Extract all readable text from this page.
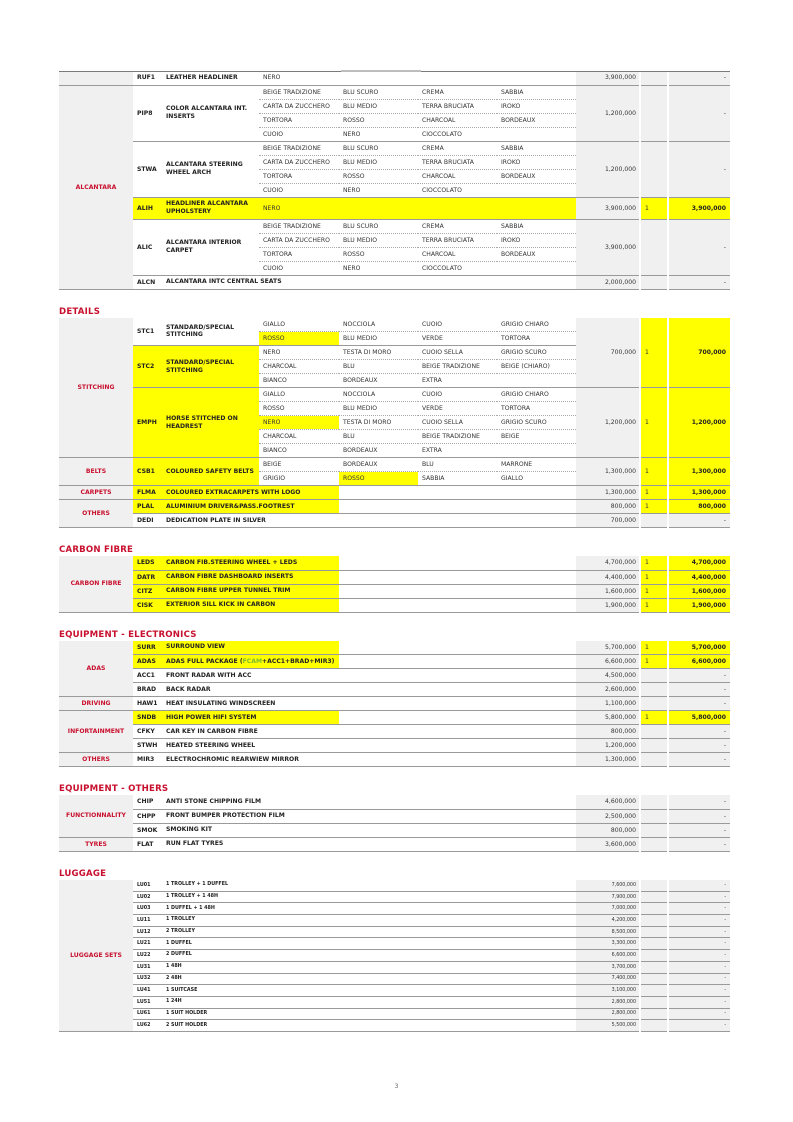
	RUF1	LEATHER HEADLINER	NERO				3,900,000		-
ALCANTARA	PIP8	COLOR ALCANTARA INT. INSERTS	BEIGE TRADIZIONE	BLU SCURO	CREMA	SABBIA	1,200,000		-
			CARTA DA ZUCCHERO	BLU MEDIO	TERRA BRUCIATA	IROKO			
			TORTORA	ROSSO	CHARCOAL	BORDEAUX			
			CUOIO	NERO	CIOCCOLATO				
	STWA	ALCANTARA STEERING WHEEL ARCH	BEIGE TRADIZIONE	BLU SCURO	CREMA	SABBIA	1,200,000		-
			CARTA DA ZUCCHERO	BLU MEDIO	TERRA BRUCIATA	IROKO			
			TORTORA	ROSSO	CHARCOAL	BORDEAUX			
			CUOIO	NERO	CIOCCOLATO				
	ALIH	HEADLINER ALCANTARA UPHOLSTERY	NERO				3,900,000	1	3,900,000
	ALIC	ALCANTARA INTERIOR CARPET	BEIGE TRADIZIONE	BLU SCURO	CREMA	SABBIA	3,900,000		-
			CARTA DA ZUCCHERO	BLU MEDIO	TERRA BRUCIATA	IROKO			
			TORTORA	ROSSO	CHARCOAL	BORDEAUX			
			CUOIO	NERO	CIOCCOLATO				
	ALCN	ALCANTARA INTC CENTRAL SEATS					2,000,000		-
DETAILS
STITCHING	STC1	STANDARD/SPECIAL STITCHING	GIALLO	NOCCIOLA	CUOIO	GRIGIO CHIARO	700,000	1	700,000
			ROSSO	BLU MEDIO	VERDE	TORTORA			
	STC2	STANDARD/SPECIAL STITCHING	NERO	TESTA DI MORO	CUOIO SELLA	GRIGIO SCURO			
			CHARCOAL	BLU	BEIGE TRADIZIONE	BEIGE (CHIARO)			
			BIANCO	BORDEAUX	EXTRA				
	EMPH	HORSE STITCHED ON HEADREST	GIALLO	NOCCIOLA	CUOIO	GRIGIO CHIARO	1,200,000	1	1,200,000
			ROSSO	BLU MEDIO	VERDE	TORTORA			
			NERO	TESTA DI MORO	CUOIO SELLA	GRIGIO SCURO			
			CHARCOAL	BLU	BEIGE TRADIZIONE	BEIGE			
			BIANCO	BORDEAUX	EXTRA				
BELTS	CSB1	COLOURED SAFETY BELTS	BEIGE	BORDEAUX	BLU	MARRONE	1,300,000	1	1,300,000
			GRIGIO	ROSSO	SABBIA	GIALLO			
CARPETS	FLMA	COLOURED EXTRACARPETS WITH LOGO					1,300,000	1	1,300,000
OTHERS	PLAL	ALUMINIUM DRIVER&PASS.FOOTREST					800,000	1	800,000
	DEDI	DEDICATION PLATE IN SILVER					700,000		-
CARBON FIBRE
CARBON FIBRE	LEDS	CARBON FIB.STEERING WHEEL + LEDS		4,700,000	1	4,700,000
	DATR	CARBON FIBRE DASHBOARD INSERTS		4,400,000	1	4,400,000
	CITZ	CARBON FIBRE UPPER TUNNEL TRIM		1,600,000	1	1,600,000
	CISK	EXTERIOR SILL KICK IN CARBON		1,900,000	1	1,900,000
EQUIPMENT - ELECTRONICS
ADAS	SURR	SURROUND VIEW		5,700,000	1	5,700,000
	ADAS	ADAS FULL PACKAGE (FCAM+ACC1+BRAD+MIR3)		6,600,000	1	6,600,000
	ACC1	FRONT RADAR WITH ACC		4,500,000		-
	BRAD	BACK RADAR		2,600,000		-
DRIVING	HAW1	HEAT INSULATING WINDSCREEN		1,100,000		-
INFORTAINMENT	SNDB	HIGH POWER HIFI SYSTEM		5,800,000	1	5,800,000
	CFKY	CAR KEY IN CARBON FIBRE		800,000		-
	STWH	HEATED STEERING WHEEL		1,200,000		-
OTHERS	MIR3	ELECTROCHROMIC REARWIEW MIRROR		1,300,000		-
EQUIPMENT - OTHERS
FUNCTIONNALITY	CHIP	ANTI STONE CHIPPING FILM	4,600,000		-
	CHPP	FRONT BUMPER PROTECTION FILM	2,500,000		-
	SMOK	SMOKING KIT	800,000		-
TYRES	FLAT	RUN FLAT TYRES	3,600,000		-
LUGGAGE
LUGGAGE SETS	LU01	1 TROLLEY + 1 DUFFEL	7,600,000		-
	LU02	1 TROLLEY + 1 48H	7,900,000		-
	LU03	1 DUFFEL + 1 48H	7,000,000		-
	LU11	1 TROLLEY	4,200,000		-
	LU12	2 TROLLEY	8,500,000		-
	LU21	1 DUFFEL	3,300,000		-
	LU22	2 DUFFEL	6,600,000		-
	LU31	1 48H	3,700,000		-
	LU32	2 48H	7,400,000		-
	LU41	1 SUITCASE	3,100,000		-
	LU51	1 24H	2,800,000		-
	LU61	1 SUIT HOLDER	2,800,000		-
	LU62	2 SUIT HOLDER	5,500,000		-
3
